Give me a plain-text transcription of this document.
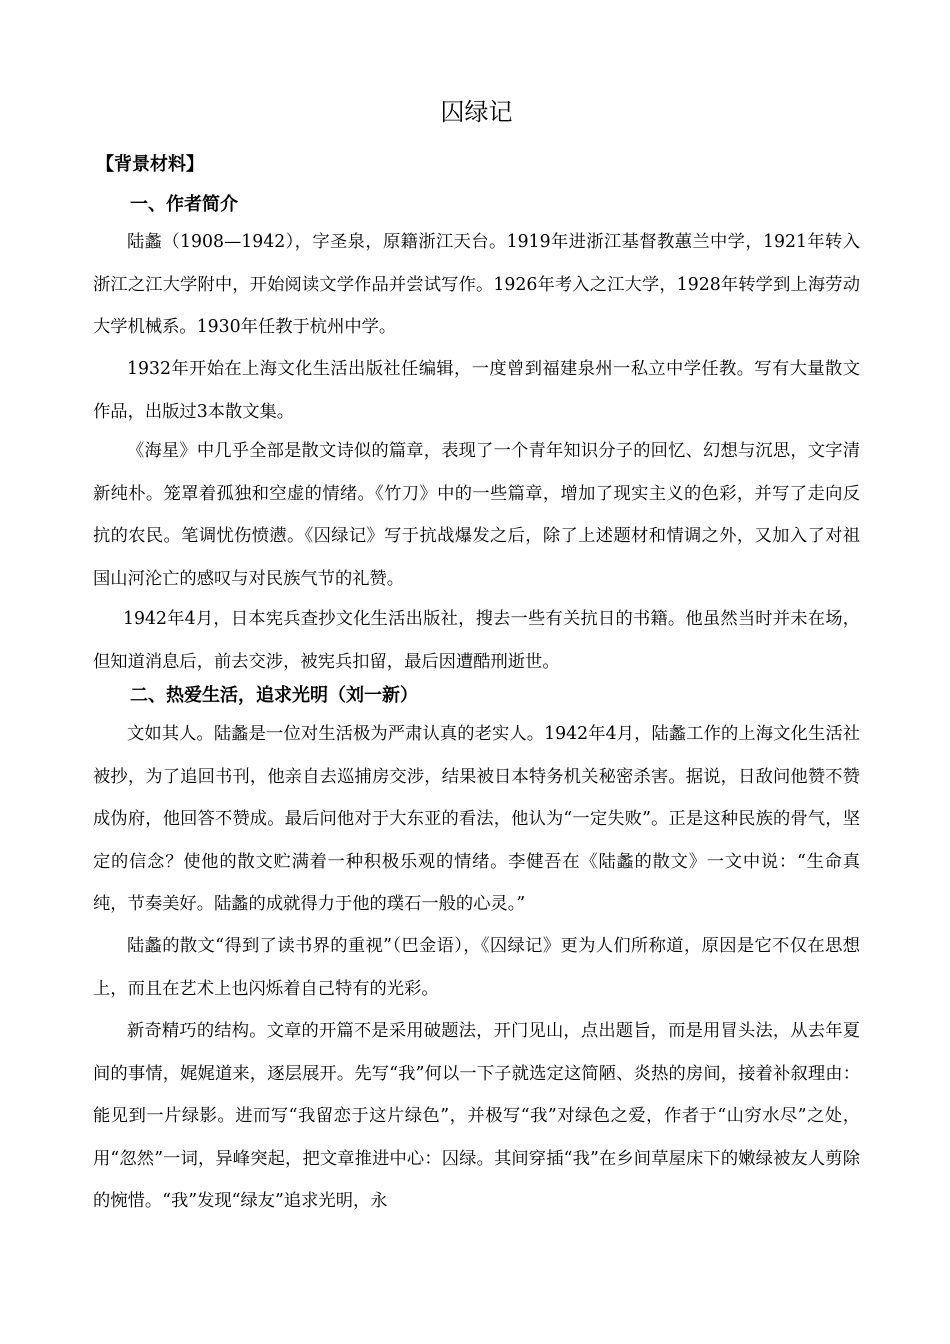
囚绿记
【背景材料】
一、作者简介

陆蠡（1908—1942），字圣泉，原籍浙江天台。1919年进浙江基督教蕙兰中学，1921年转入浙江之江大学附中，开始阅读文学作品并尝试写作。1926年考入之江大学，1928年转学到上海劳动大学机械系。1930年任教于杭州中学。

1932年开始在上海文化生活出版社任编辑，一度曾到福建泉州一私立中学任教。写有大量散文作品，出版过3本散文集。

《海星》中几乎全部是散文诗似的篇章，表现了一个青年知识分子的回忆、幻想与沉思，文字清新纯朴。笼罩着孤独和空虚的情绪。《竹刀》中的一些篇章，增加了现实主义的色彩，并写了走向反抗的农民。笔调忧伤愤懑。《囚绿记》写于抗战爆发之后，除了上述题材和情调之外，又加入了对祖国山河沦亡的感叹与对民族气节的礼赞。

1942年4月，日本宪兵查抄文化生活出版社，搜去一些有关抗日的书籍。他虽然当时并未在场，但知道消息后，前去交涉，被宪兵扣留，最后因遭酷刑逝世。

二、热爱生活，追求光明（刘一新）

文如其人。陆蠡是一位对生活极为严肃认真的老实人。1942年4月，陆蠡工作的上海文化生活社被抄，为了追回书刊，他亲自去巡捕房交涉，结果被日本特务机关秘密杀害。据说，日敌问他赞不赞成伪府，他回答不赞成。最后问他对于大东亚的看法，他认为“一定失败”。正是这种民族的骨气，坚定的信念？使他的散文贮满着一种积极乐观的情绪。李健吾在《陆蠡的散文》一文中说：“生命真纯，节奏美好。陆蠡的成就得力于他的璞石一般的心灵。”

陆蠡的散文“得到了读书界的重视”（巴金语），《囚绿记》更为人们所称道，原因是它不仅在思想上，而且在艺术上也闪烁着自己特有的光彩。

新奇精巧的结构。文章的开篇不是采用破题法，开门见山，点出题旨，而是用冒头法，从去年夏间的事情，娓娓道来，逐层展开。先写“我”何以一下子就选定这简陋、炎热的房间，接着补叙理由：能见到一片绿影。进而写“我留恋于这片绿色”，并极写“我”对绿色之爱，作者于“山穷水尽”之处，用“忽然”一词，异峰突起，把文章推进中心：囚绿。其间穿插“我”在乡间草屋床下的嫩绿被友人剪除的惋惜。“我”发现“绿友”追求光明，永
